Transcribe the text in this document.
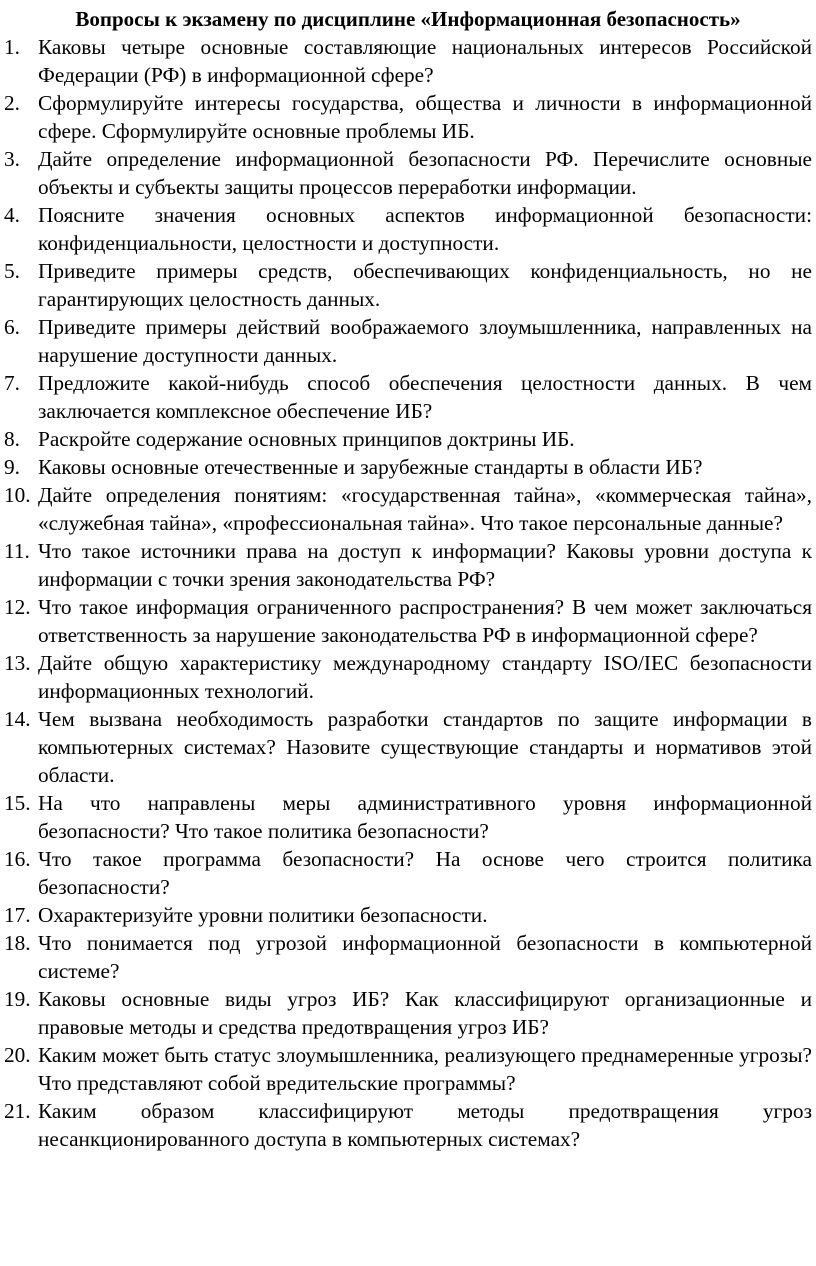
Вопросы к экзамену по дисциплине «Информационная безопасность»
1. Каковы четыре основные составляющие национальных интересов Российской Федерации (РФ) в информационной сфере?
2. Сформулируйте интересы государства, общества и личности в информационной сфере. Сформулируйте основные проблемы ИБ.
3. Дайте определение информационной безопасности РФ. Перечислите основные объекты и субъекты защиты процессов переработки информации.
4. Поясните значения основных аспектов информационной безопасности: конфиденциальности, целостности и доступности.
5. Приведите примеры средств, обеспечивающих конфиденциальность, но не гарантирующих целостность данных.
6. Приведите примеры действий воображаемого злоумышленника, направленных на нарушение доступности данных.
7. Предложите какой-нибудь способ обеспечения целостности данных. В чем заключается комплексное обеспечение ИБ?
8. Раскройте содержание основных принципов доктрины ИБ.
9. Каковы основные отечественные и зарубежные стандарты в области ИБ?
10. Дайте определения понятиям: «государственная тайна», «коммерческая тайна», «служебная тайна», «профессиональная тайна». Что такое персональные данные?
11. Что такое источники права на доступ к информации? Каковы уровни доступа к информации с точки зрения законодательства РФ?
12. Что такое информация ограниченного распространения? В чем может заключаться ответственность за нарушение законодательства РФ в информационной сфере?
13. Дайте общую характеристику международному стандарту ISO/IEC безопасности информационных технологий.
14. Чем вызвана необходимость разработки стандартов по защите информации в компьютерных системах? Назовите существующие стандарты и нормативов этой области.
15. На что направлены меры административного уровня информационной безопасности? Что такое политика безопасности?
16. Что такое программа безопасности? На основе чего строится политика безопасности?
17. Охарактеризуйте уровни политики безопасности.
18. Что понимается под угрозой информационной безопасности в компьютерной системе?
19. Каковы основные виды угроз ИБ? Как классифицируют организационные и правовые методы и средства предотвращения угроз ИБ?
20. Каким может быть статус злоумышленника, реализующего преднамеренные угрозы? Что представляют собой вредительские программы?
21. Каким образом классифицируют методы предотвращения угроз несанкционированного доступа в компьютерных системах?
